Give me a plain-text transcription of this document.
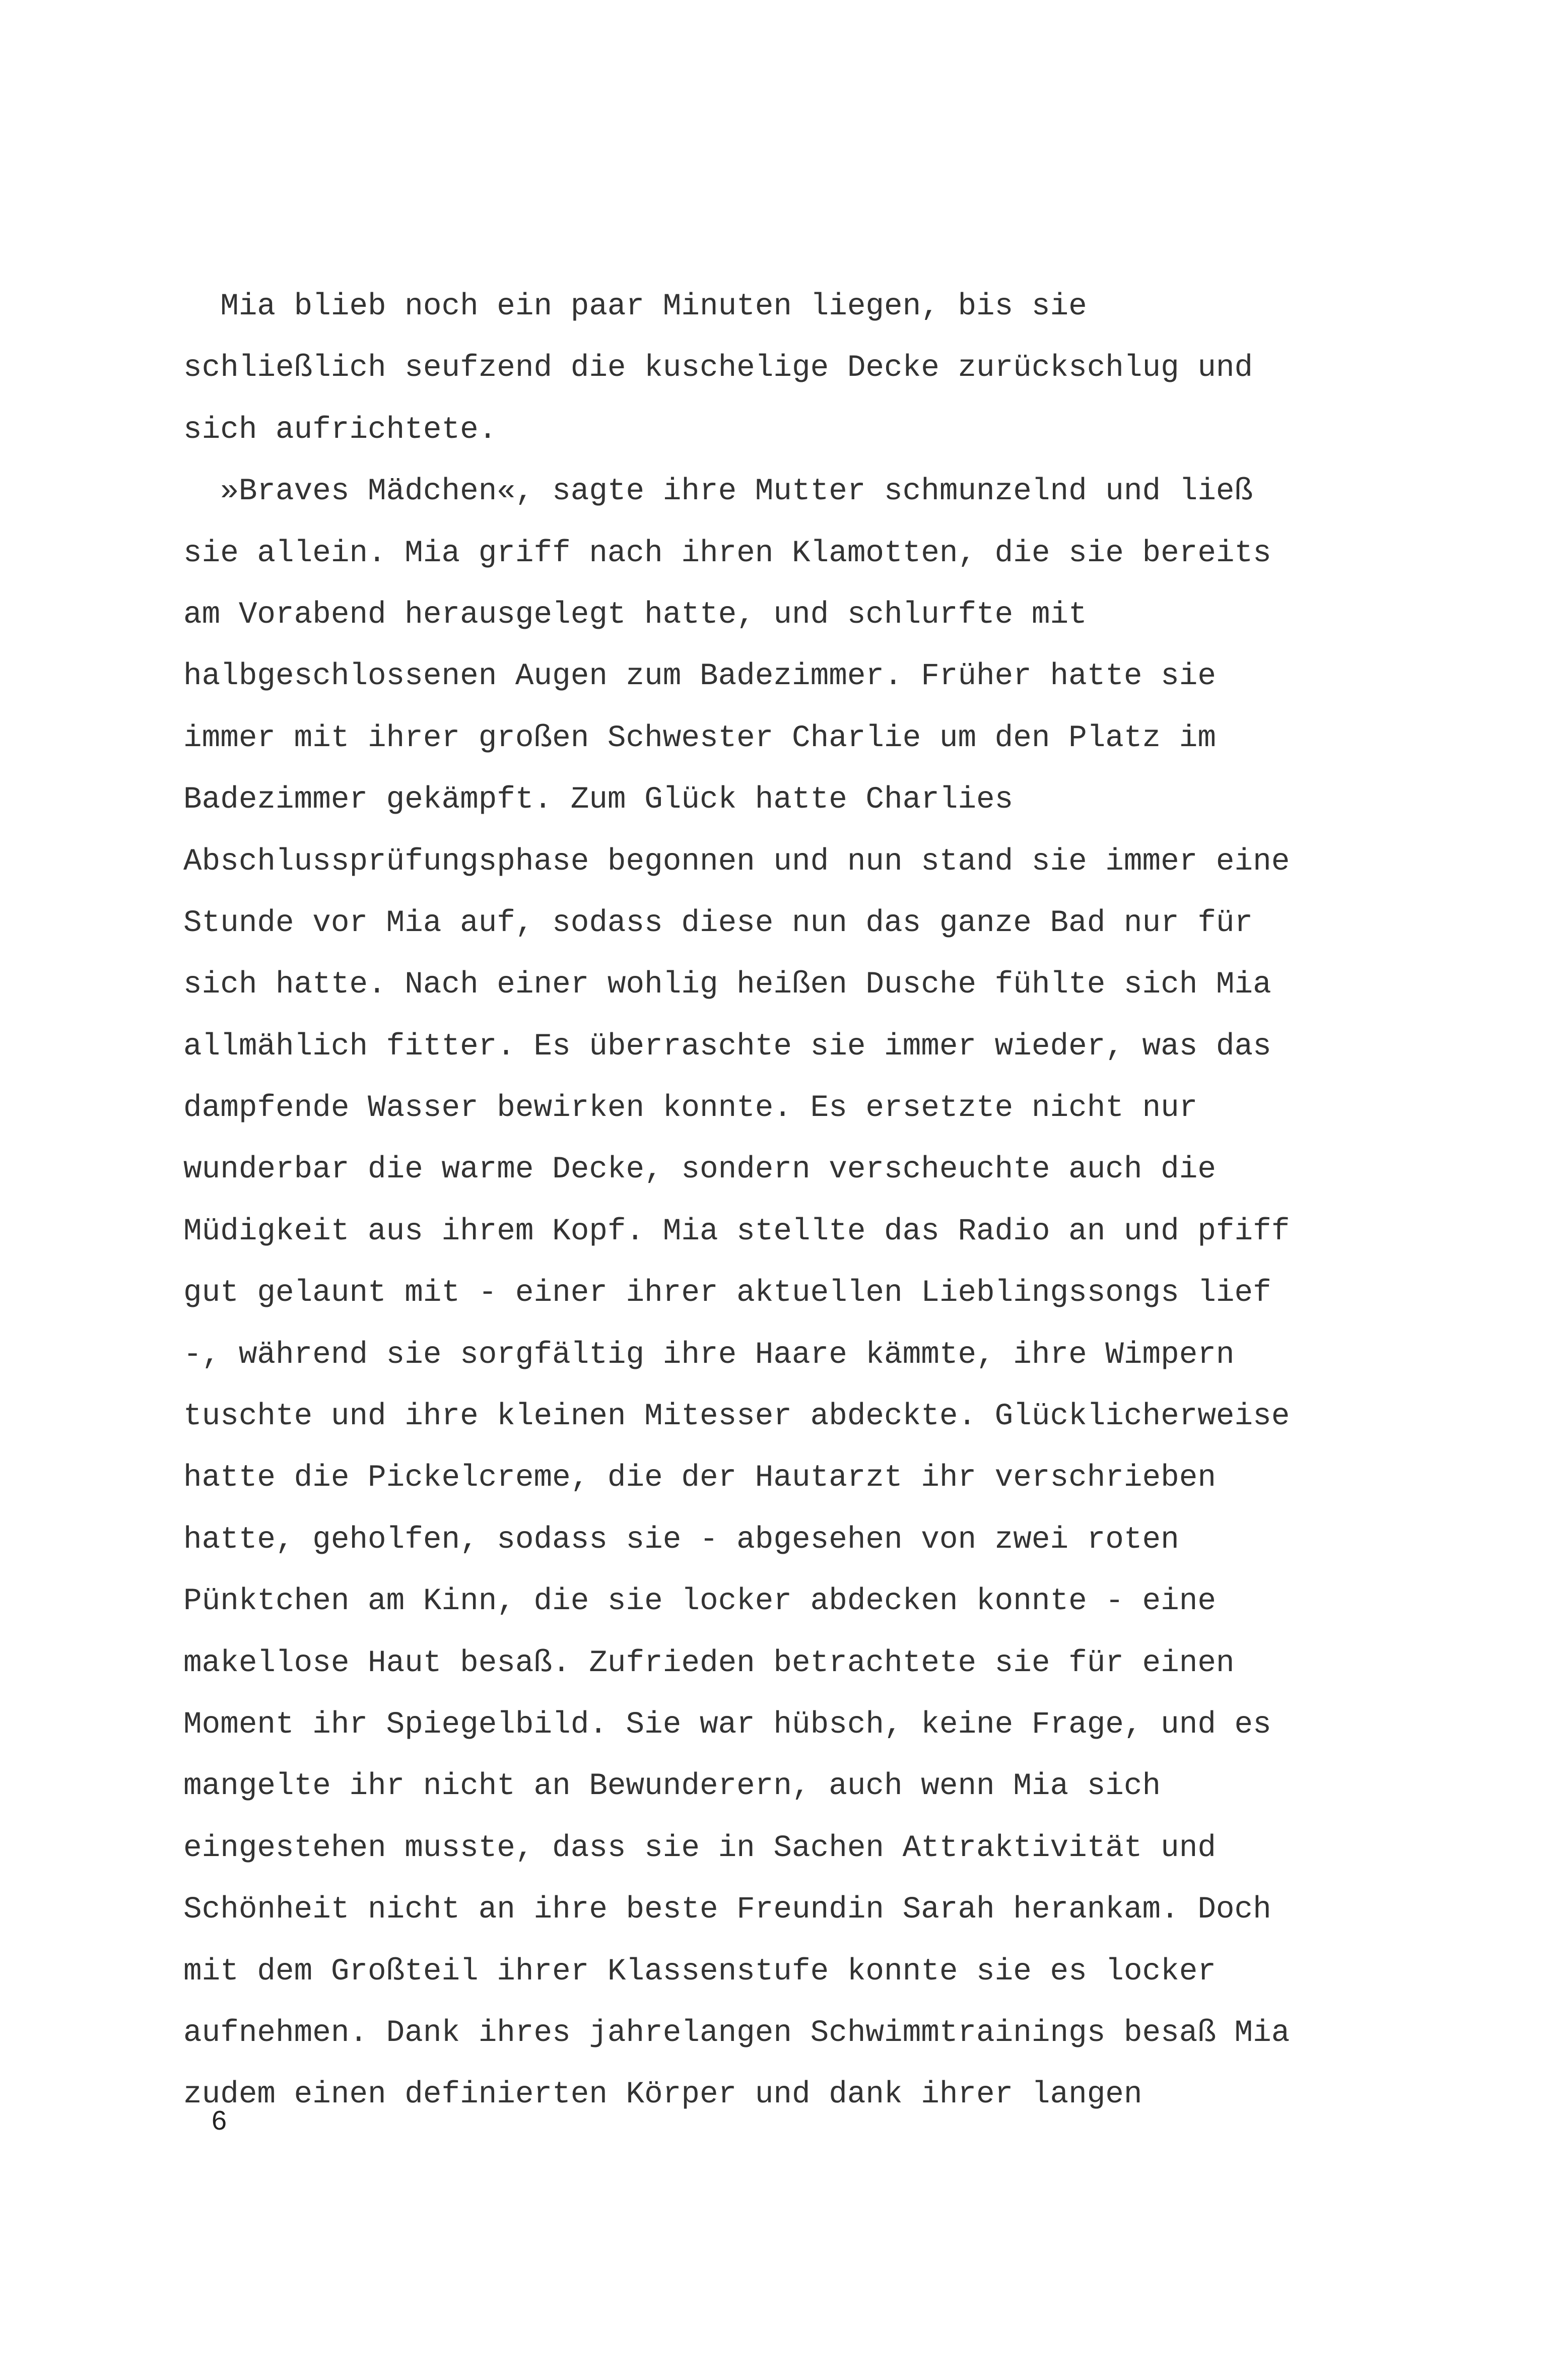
Mia blieb noch ein paar Minuten liegen, bis sie
schließlich seufzend die kuschelige Decke zurückschlug und
sich aufrichtete.
»Braves Mädchen«, sagte ihre Mutter schmunzelnd und ließ
sie allein. Mia griff nach ihren Klamotten, die sie bereits
am Vorabend herausgelegt hatte, und schlurfte mit
halbgeschlossenen Augen zum Badezimmer. Früher hatte sie
immer mit ihrer großen Schwester Charlie um den Platz im
Badezimmer gekämpft. Zum Glück hatte Charlies
Abschlussprüfungsphase begonnen und nun stand sie immer eine
Stunde vor Mia auf, sodass diese nun das ganze Bad nur für
sich hatte. Nach einer wohlig heißen Dusche fühlte sich Mia
allmählich fitter. Es überraschte sie immer wieder, was das
dampfende Wasser bewirken konnte. Es ersetzte nicht nur
wunderbar die warme Decke, sondern verscheuchte auch die
Müdigkeit aus ihrem Kopf. Mia stellte das Radio an und pfiff
gut gelaunt mit - einer ihrer aktuellen Lieblingssongs lief
-, während sie sorgfältig ihre Haare kämmte, ihre Wimpern
tuschte und ihre kleinen Mitesser abdeckte. Glücklicherweise
hatte die Pickelcreme, die der Hautarzt ihr verschrieben
hatte, geholfen, sodass sie - abgesehen von zwei roten
Pünktchen am Kinn, die sie locker abdecken konnte - eine
makellose Haut besaß. Zufrieden betrachtete sie für einen
Moment ihr Spiegelbild. Sie war hübsch, keine Frage, und es
mangelte ihr nicht an Bewunderern, auch wenn Mia sich
eingestehen musste, dass sie in Sachen Attraktivität und
Schönheit nicht an ihre beste Freundin Sarah herankam. Doch
mit dem Großteil ihrer Klassenstufe konnte sie es locker
aufnehmen. Dank ihres jahrelangen Schwimmtrainings besaß Mia
zudem einen definierten Körper und dank ihrer langen
6
